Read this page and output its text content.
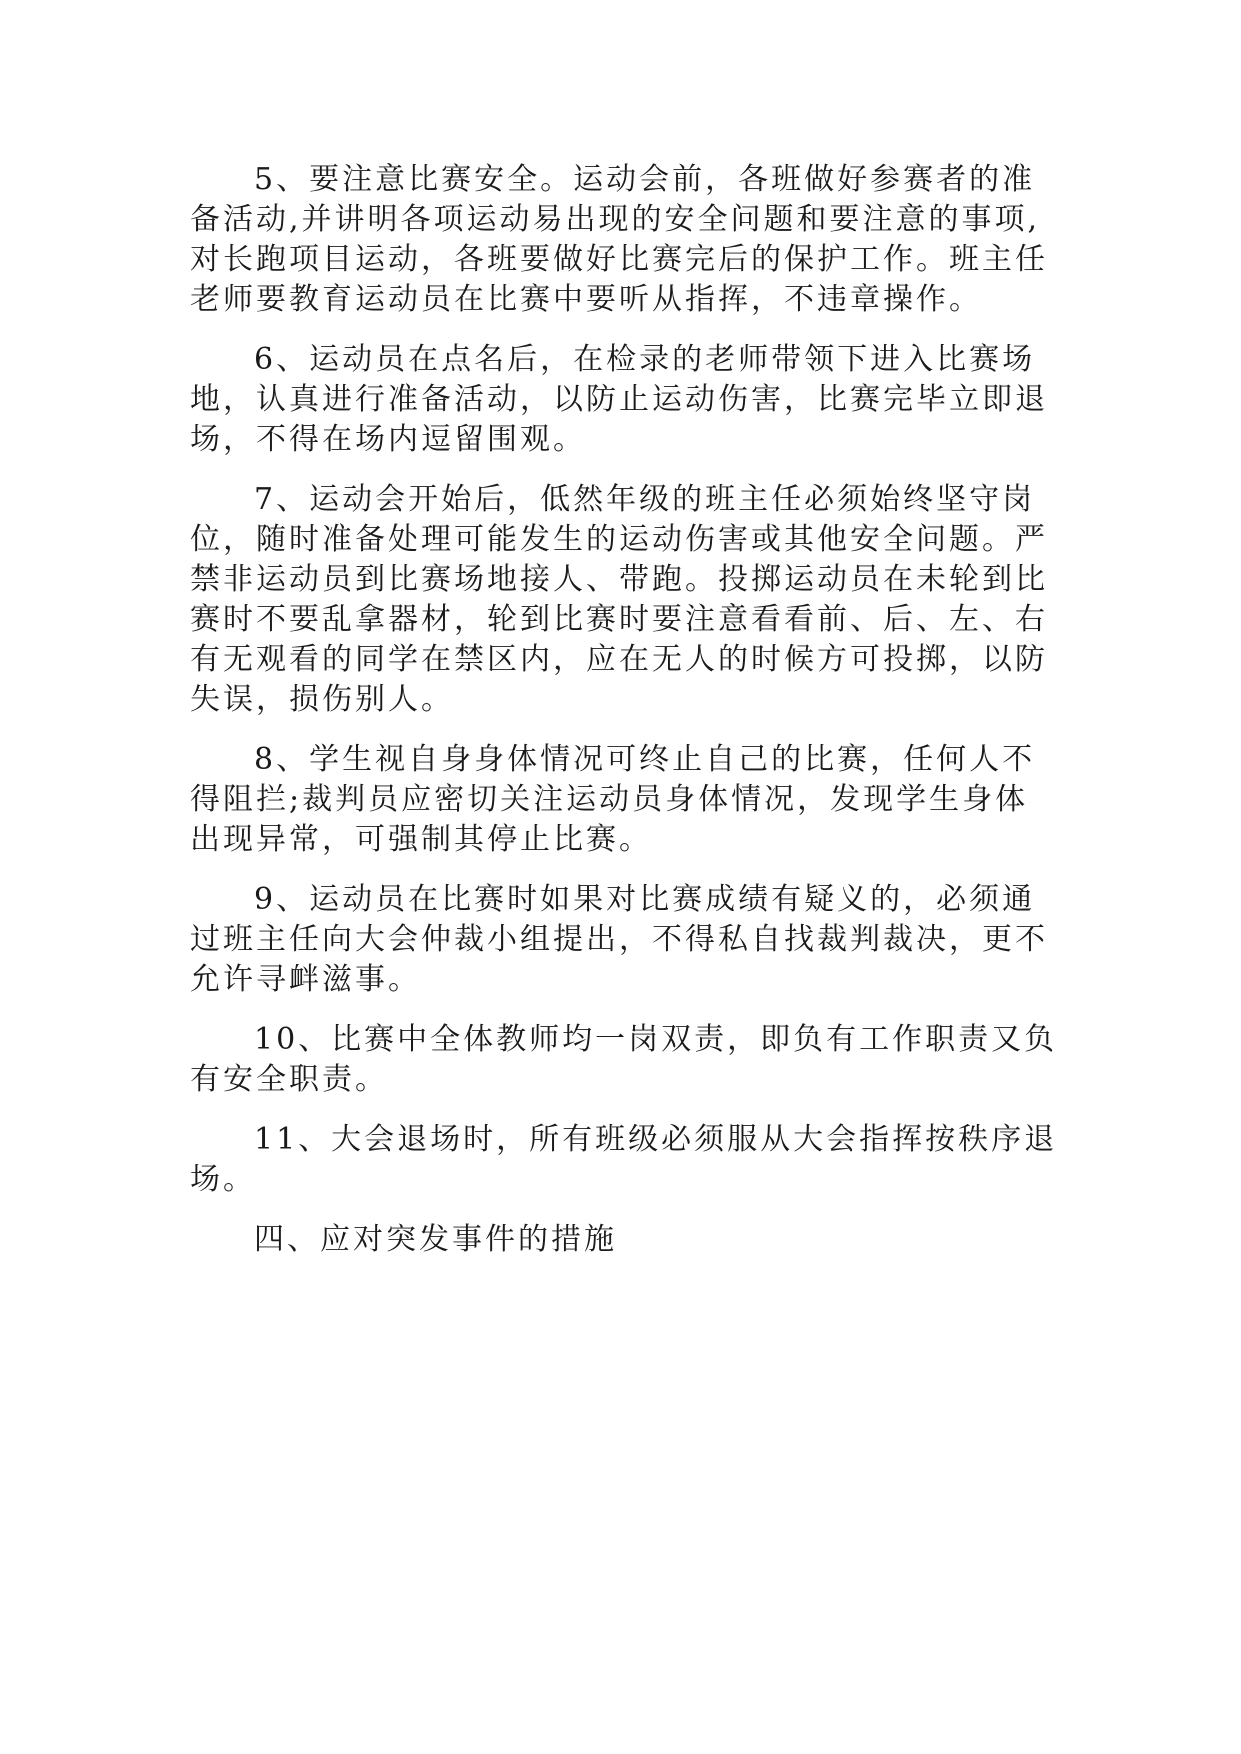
5、要注意比赛安全。运动会前，各班做好参赛者的准
备活动,并讲明各项运动易出现的安全问题和要注意的事项,
对长跑项目运动，各班要做好比赛完后的保护工作。班主任
老师要教育运动员在比赛中要听从指挥，不违章操作。
6、运动员在点名后，在检录的老师带领下进入比赛场
地，认真进行准备活动，以防止运动伤害，比赛完毕立即退
场，不得在场内逗留围观。
7、运动会开始后，低然年级的班主任必须始终坚守岗
位，随时准备处理可能发生的运动伤害或其他安全问题。严
禁非运动员到比赛场地接人、带跑。投掷运动员在未轮到比
赛时不要乱拿器材，轮到比赛时要注意看看前、后、左、右
有无观看的同学在禁区内，应在无人的时候方可投掷，以防
失误，损伤别人。
8、学生视自身身体情况可终止自己的比赛，任何人不
得阻拦;裁判员应密切关注运动员身体情况，发现学生身体
出现异常，可强制其停止比赛。
9、运动员在比赛时如果对比赛成绩有疑义的，必须通
过班主任向大会仲裁小组提出，不得私自找裁判裁决，更不
允许寻衅滋事。
10、比赛中全体教师均一岗双责，即负有工作职责又负
有安全职责。
11、大会退场时，所有班级必须服从大会指挥按秩序退
场。
四、应对突发事件的措施
